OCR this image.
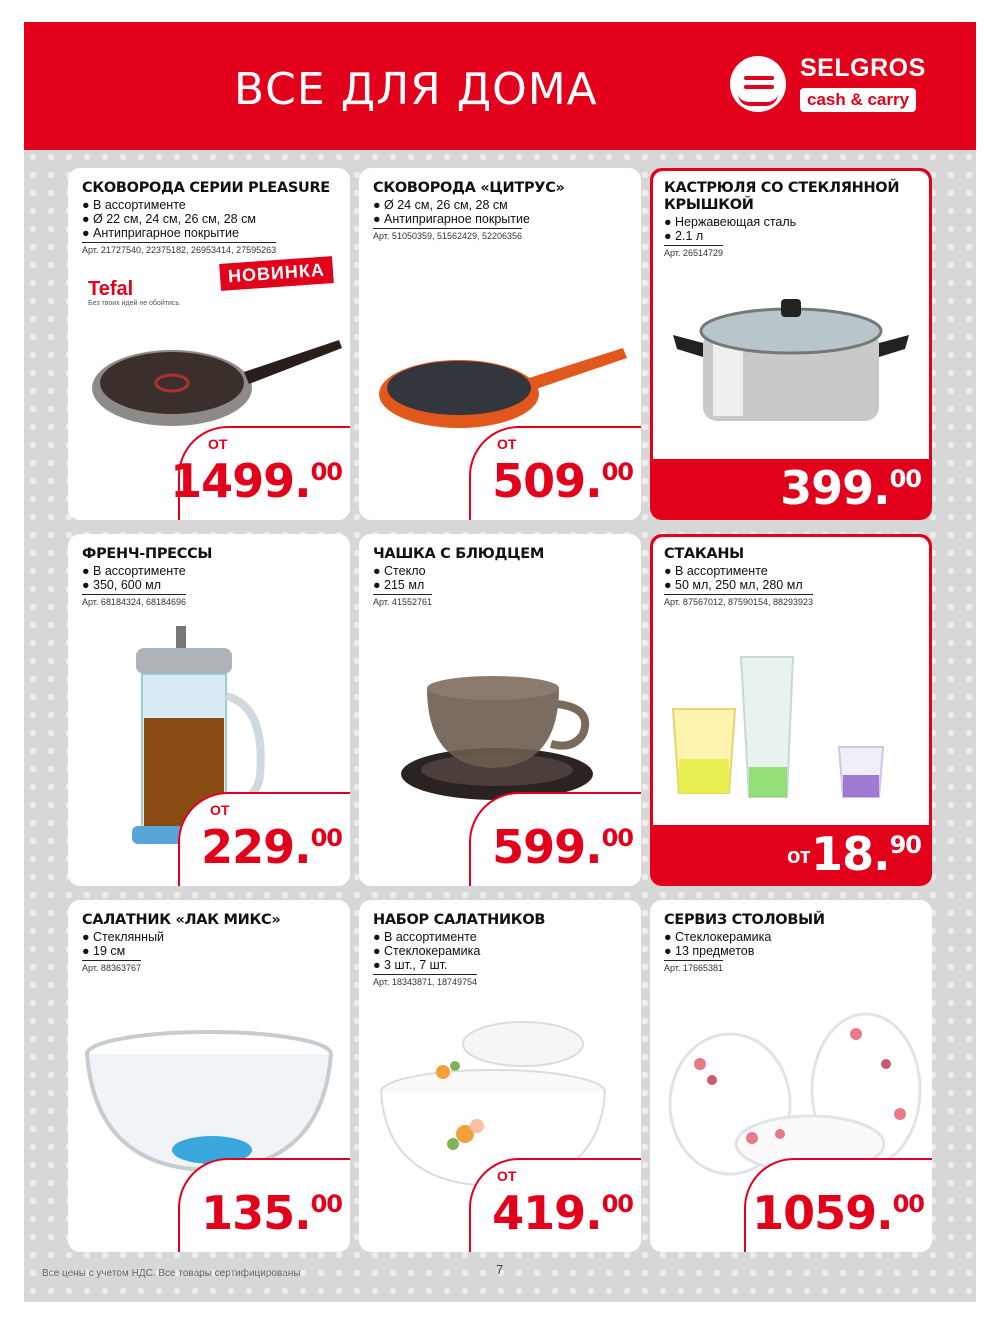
ВСЕ ДЛЯ ДОМА	SELGROS
cash & carry
СКОВОРОДА СЕРИИ PLEASURE
● В ассортименте
● Ø 22 см, 24 см, 26 см, 28 см
● Антипригарное покрытие
Арт. 21727540, 22375182, 26953414, 27595263
Tefal
Без твоих идей не обойтись.
НОВИНКА
ОТ
1499.00
СКОВОРОДА «ЦИТРУС»
● Ø 24 см, 26 см, 28 см
● Антипригарное покрытие
Арт. 51050359, 51562429, 52206356
ОТ
509.00
КАСТРЮЛЯ СО СТЕКЛЯННОЙ КРЫШКОЙ
● Нержавеющая сталь
● 2.1 л
Арт. 26514729
399.00
ФРЕНЧ-ПРЕССЫ
● В ассортименте
● 350, 600 мл
Арт. 68184324, 68184696
ОТ
229.00
ЧАШКА С БЛЮДЦЕМ
● Стекло
● 215 мл
Арт. 41552761
599.00
СТАКАНЫ
● В ассортименте
● 50 мл, 250 мл, 280 мл
Арт. 87567012, 87590154, 88293923
от 18.90
САЛАТНИК «ЛАК МИКС»
● Стеклянный
● 19 см
Арт. 88363767
135.00
НАБОР САЛАТНИКОВ
● В ассортименте
● Стеклокерамика
● 3 шт., 7 шт.
Арт. 18343871, 18749754
ОТ
419.00
СЕРВИЗ СТОЛОВЫЙ
● Стеклокерамика
● 13 предметов
Арт. 17665381
1059.00
Все цены с учетом НДС. Все товары сертифицированы	7
